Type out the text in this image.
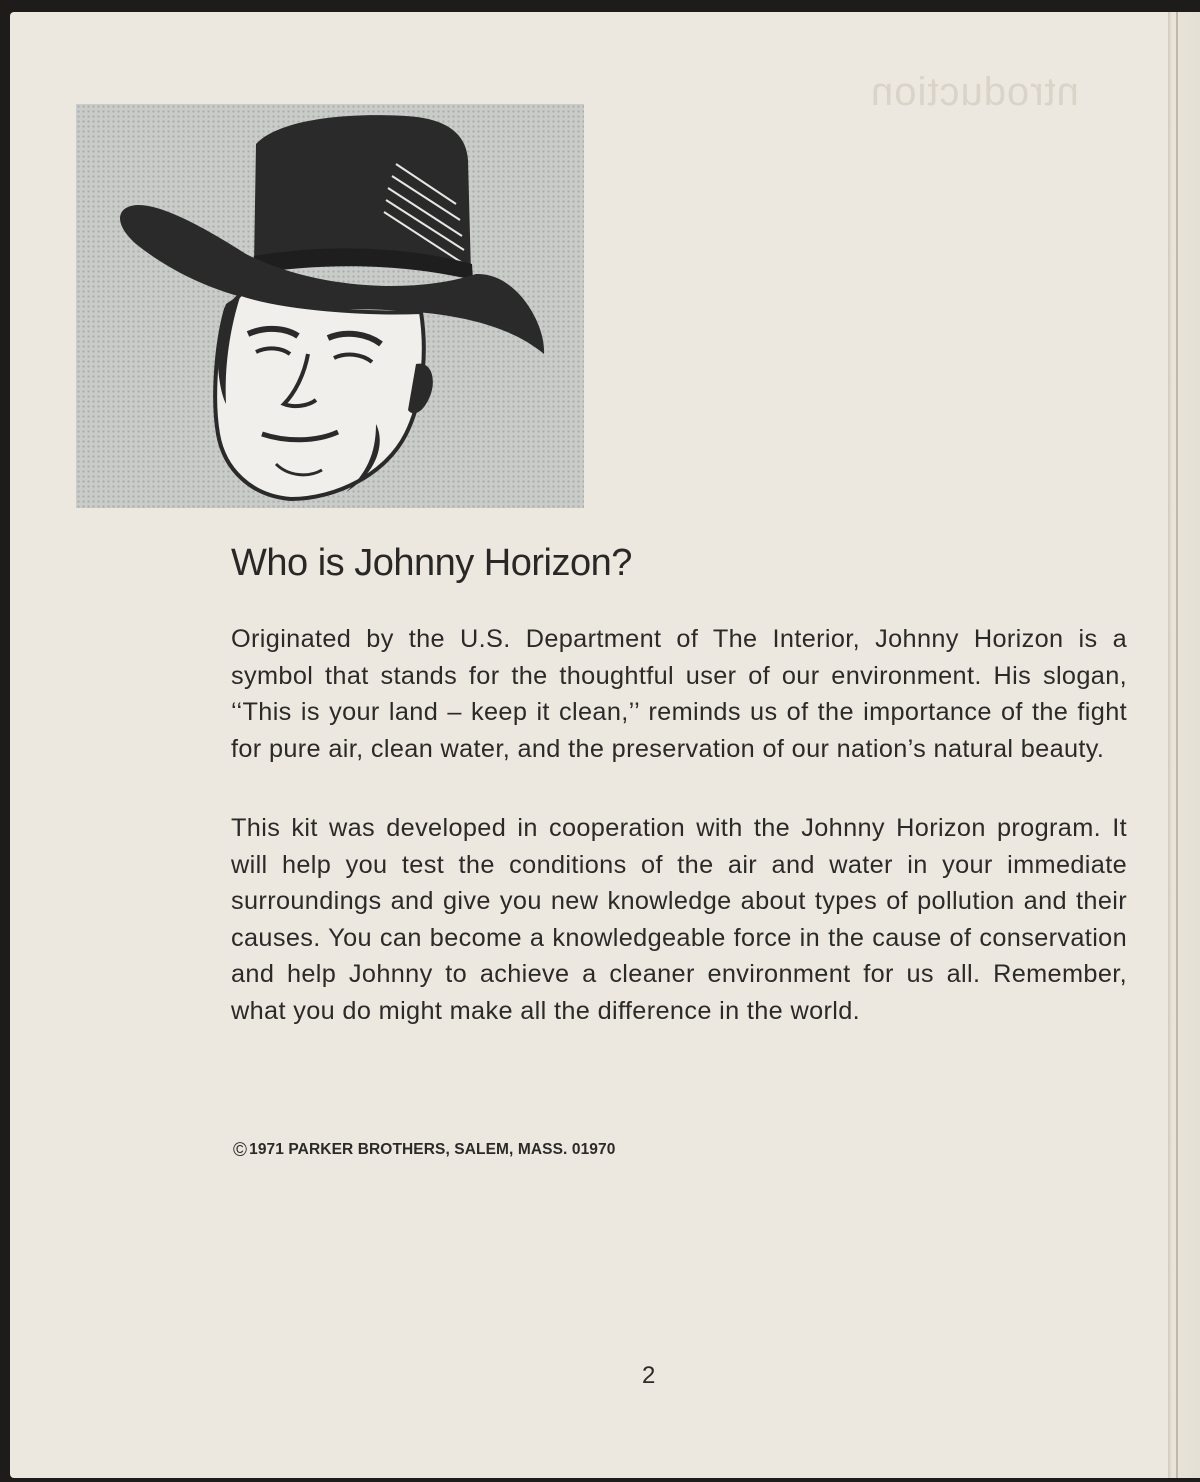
Who is Johnny Horizon?

Originated by the U.S. Department of The Interior, Johnny Horizon is a symbol that stands for the thoughtful user of our environment. His slogan, ‘‘This is your land – keep it clean,’’ reminds us of the importance of the fight for pure air, clean water, and the preservation of our nation’s natural beauty.

This kit was developed in cooperation with the Johnny Horizon program. It will help you test the conditions of the air and water in your immediate surroundings and give you new knowledge about types of pollution and their causes. You can become a knowledgeable force in the cause of conservation and help Johnny to achieve a cleaner environment for us all. Remember, what you do might make all the difference in the world.

© 1971 PARKER BROTHERS, SALEM, MASS. 01970
2
ntroduction
